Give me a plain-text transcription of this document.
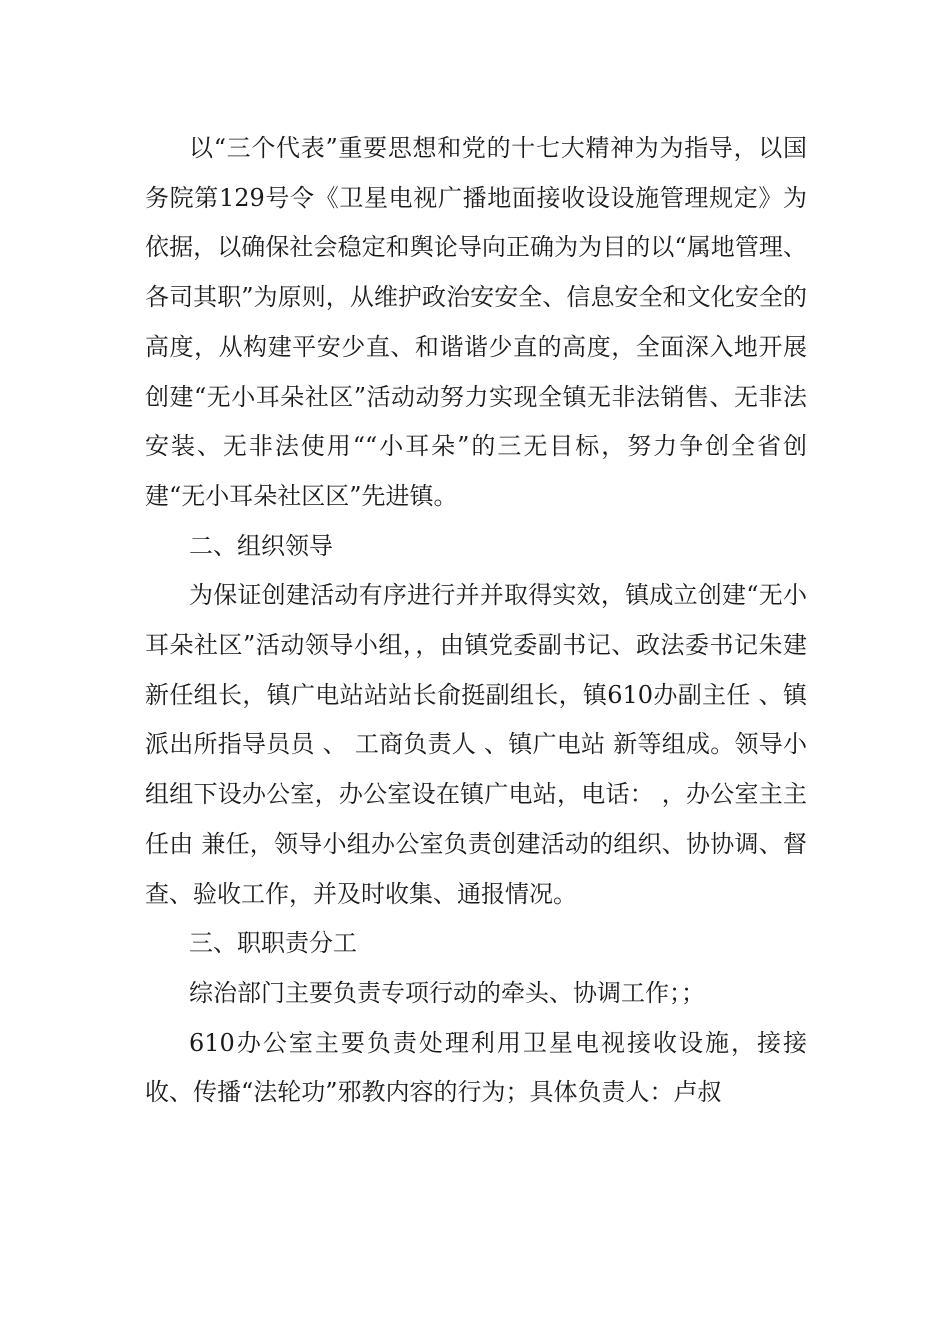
以“三个代表”重要思想和党的十七大精神为为指导，以国务院第129号令《卫星电视广播地面接收设设施管理规定》为依据，以确保社会稳定和舆论导向正确为为目的以“属地管理、各司其职”为原则，从维护政治安安全、信息安全和文化安全的高度，从构建平安少直、和谐谐少直的高度，全面深入地开展创建“无小耳朵社区”活动动努力实现全镇无非法销售、无非法安装、无非法使用““小耳朵”的三无目标，努力争创全省创建“无小耳朵社区区”先进镇。

二、组织领导

为保证创建活动有序进行并并取得实效，镇成立创建“无小耳朵社区”活动领导小组，，由镇党委副书记、政法委书记朱建新任组长，镇广电站站站长俞挺副组长，镇610办副主任 、镇派出所指导员员 、 工商负责人 、镇广电站 新等组成。领导小组组下设办公室，办公室设在镇广电站，电话： ，办公室主主任由 兼任，领导小组办公室负责创建活动的组织、协协调、督查、验收工作，并及时收集、通报情况。

三、职职责分工

综治部门主要负责专项行动的牵头、协调工作；；

610办公室主要负责处理利用卫星电视接收设施，接接收、传播“法轮功”邪教内容的行为；具体负责人：卢叔
